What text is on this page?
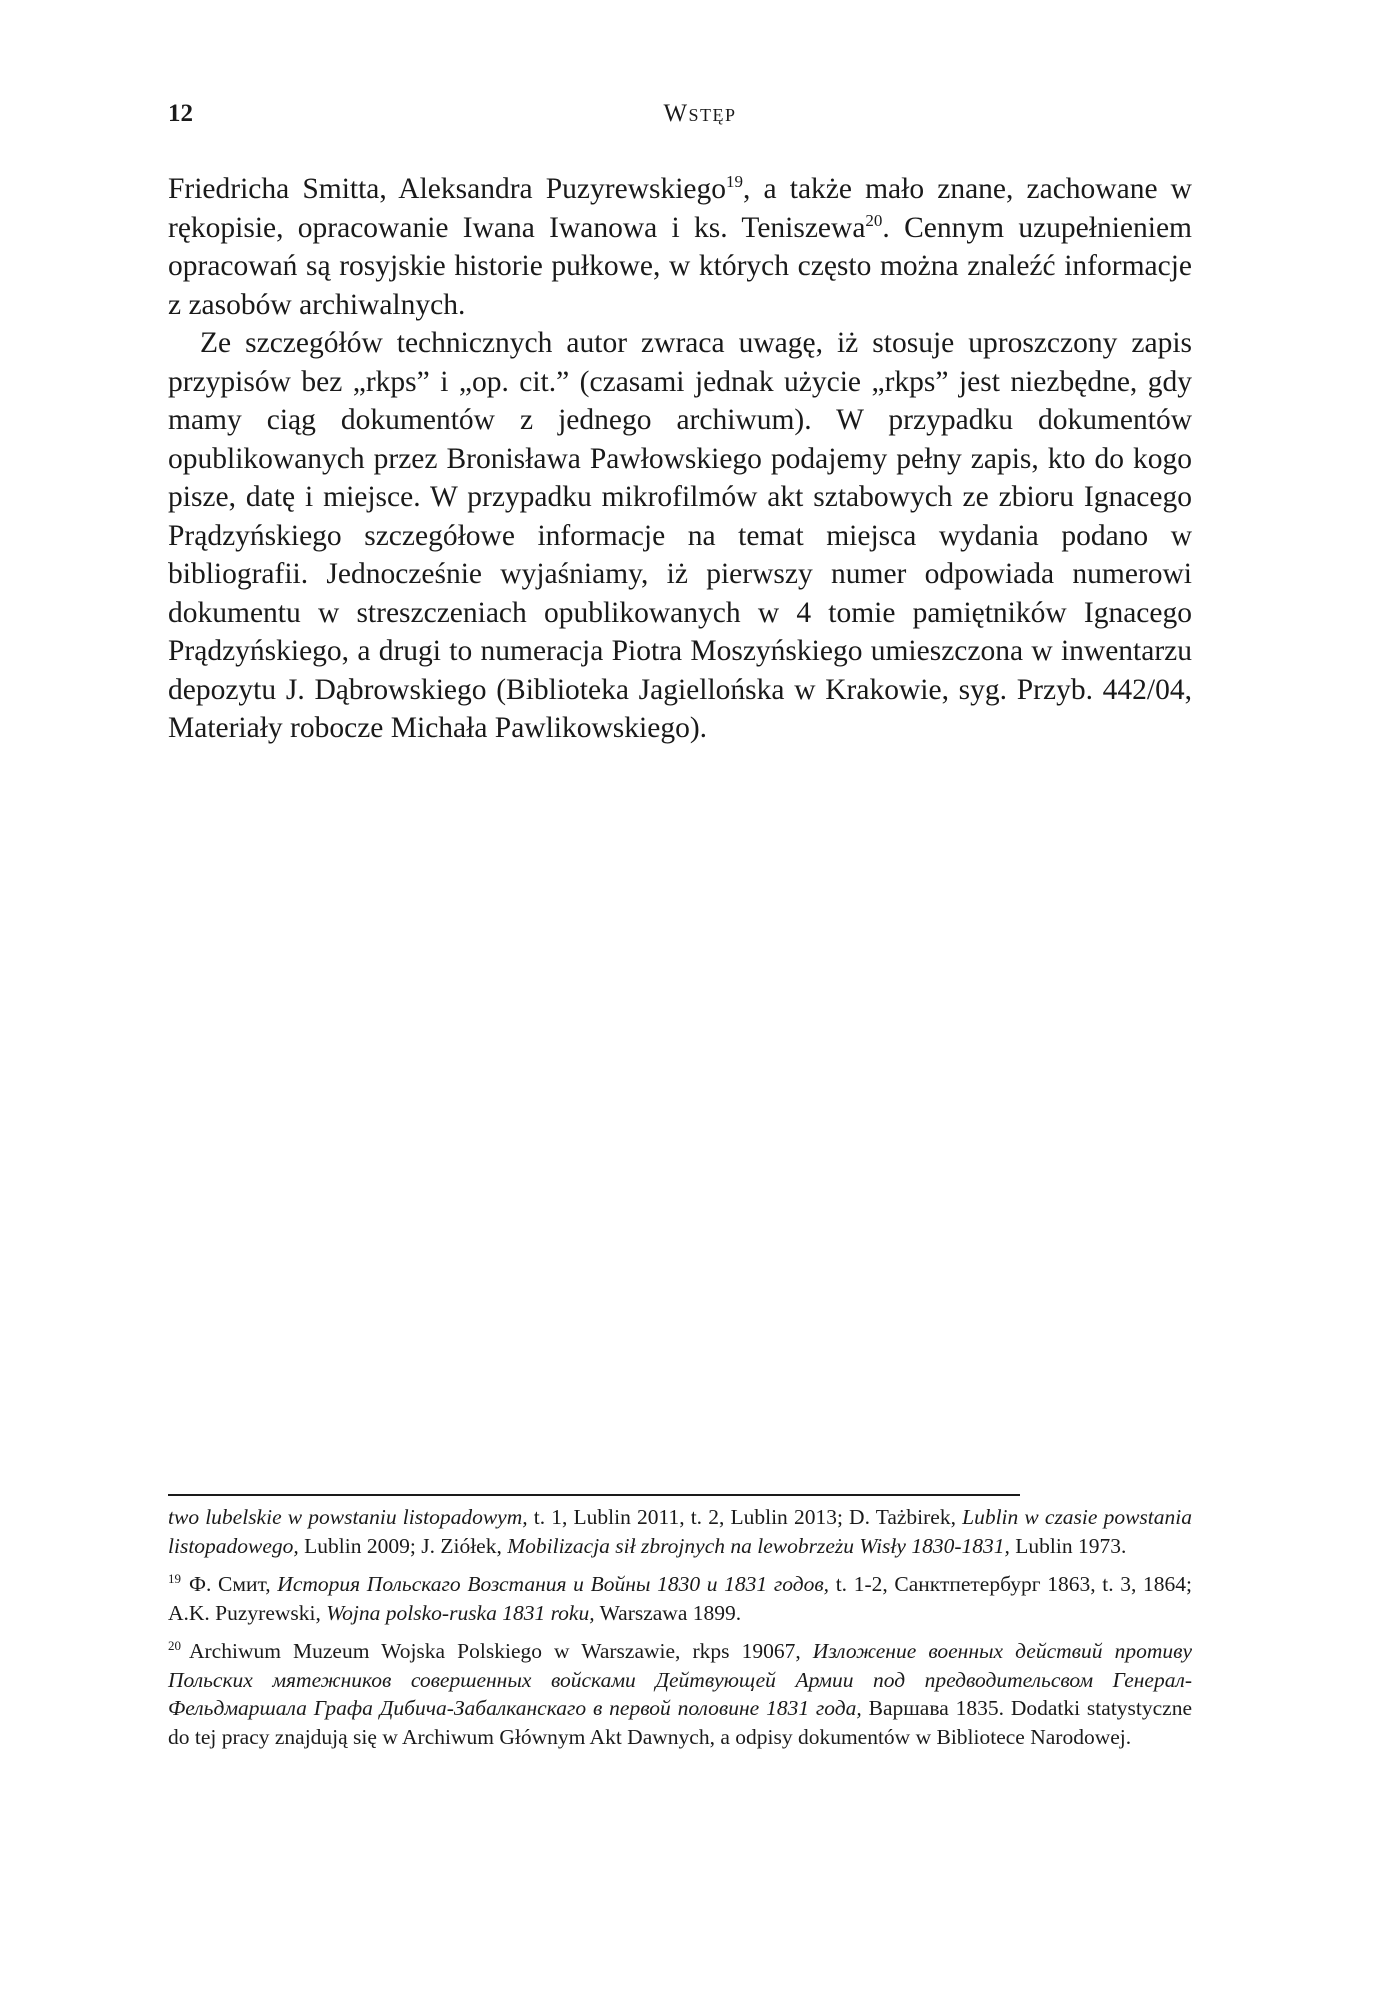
12	Wstęp

Friedricha Smitta, Aleksandra Puzyrewskiego$^{19}$, a także mało znane, zachowane w rękopisie, opracowanie Iwana Iwanowa i ks. Teniszewa$^{20}$. Cennym uzupełnieniem opracowań są rosyjskie historie pułkowe, w których często można znaleźć informacje z zasobów archiwalnych.

Ze szczegółów technicznych autor zwraca uwagę, iż stosuje uproszczony zapis przypisów bez „rkps” i „op. cit.” (czasami jednak użycie „rkps” jest niezbędne, gdy mamy ciąg dokumentów z jednego archiwum). W przypadku dokumentów opublikowanych przez Bronisława Pawłowskiego podajemy pełny zapis, kto do kogo pisze, datę i miejsce. W przypadku mikrofilmów akt sztabowych ze zbioru Ignacego Prądzyńskiego szczegółowe informacje na temat miejsca wydania podano w bibliografii. Jednocześnie wyjaśniamy, iż pierwszy numer odpowiada numerowi dokumentu w streszczeniach opublikowanych w 4 tomie pamiętników Ignacego Prądzyńskiego, a drugi to numeracja Piotra Moszyńskiego umieszczona w inwentarzu depozytu J. Dąbrowskiego (Biblioteka Jagiellońska w Krakowie, syg. Przyb. 442/04, Materiały robocze Michała Pawlikowskiego).

two lubelskie w powstaniu listopadowym, t. 1, Lublin 2011, t. 2, Lublin 2013; D. Tażbirek, Lublin w czasie powstania listopadowego, Lublin 2009; J. Ziółek, Mobilizacja sił zbrojnych na lewobrzeżu Wisły 1830-1831, Lublin 1973.

$^{19}$ Ф. Смит, История Польскаго Возстания и Войны 1830 и 1831 годов, t. 1-2, Санктпетербург 1863, t. 3, 1864; A.K. Puzyrewski, Wojna polsko-ruska 1831 roku, Warszawa 1899.

$^{20}$ Archiwum Muzeum Wojska Polskiego w Warszawie, rkps 19067, Изложение военных действий противу Польских мятежников совершенных войсками Дейтвующей Армии под предводительсвом Генерал-Фельдмаршала Графа Дибича-Забалканскаго в первой половине 1831 года, Варшава 1835. Dodatki statystyczne do tej pracy znajdują się w Archiwum Głównym Akt Dawnych, a odpisy dokumentów w Bibliotece Narodowej.
